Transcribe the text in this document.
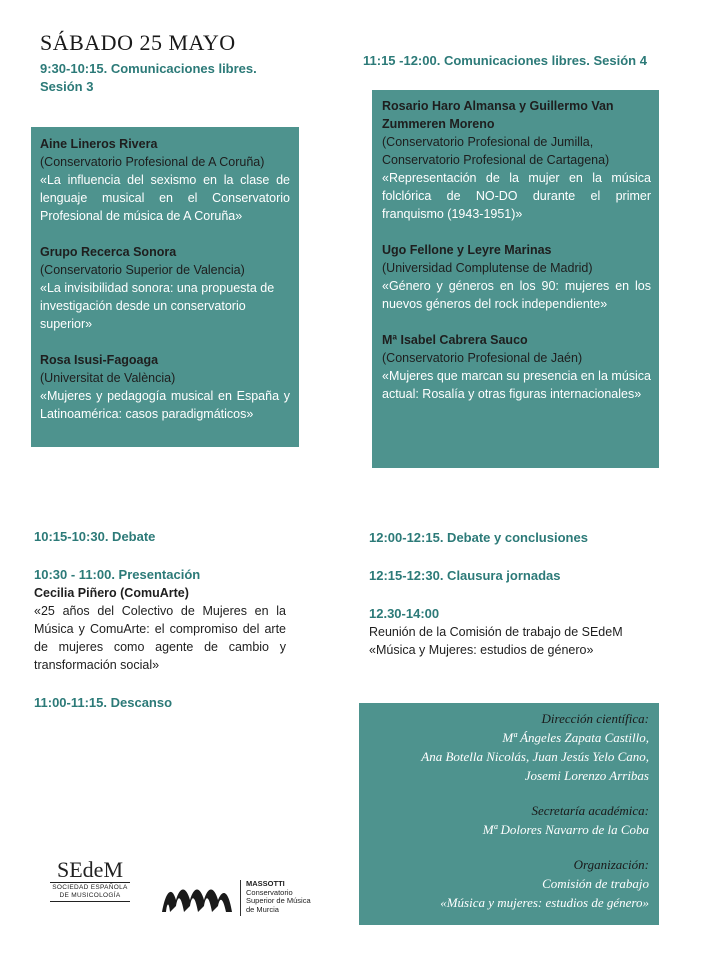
SÁBADO 25 MAYO
9:30-10:15. Comunicaciones libres.
Sesión 3
Aine Lineros Rivera
(Conservatorio Profesional de A Coruña)
«La influencia del sexismo en la clase de lenguaje musical en el Conservatorio Profesional de música de A Coruña»
Grupo Recerca Sonora
(Conservatorio Superior de Valencia)
«La invisibilidad sonora: una propuesta de investigación desde un conservatorio superior»
Rosa Isusi-Fagoaga
(Universitat de València)
«Mujeres y pedagogía musical en España y Latinoamérica: casos paradigmáticos»
11:15 -12:00. Comunicaciones libres. Sesión 4
Rosario Haro Almansa y Guillermo Van Zummeren Moreno
(Conservatorio Profesional de Jumilla, Conservatorio Profesional de Cartagena)
«Representación de la mujer en la música folclórica de NO-DO durante el primer franquismo (1943-1951)»
Ugo Fellone y Leyre Marinas
(Universidad Complutense de Madrid)
«Género y géneros en los 90: mujeres en los nuevos géneros del rock independiente»
Mª Isabel Cabrera Sauco
(Conservatorio Profesional de Jaén)
«Mujeres que marcan su presencia en la música actual: Rosalía y otras figuras internacionales»
10:15-10:30. Debate
10:30 - 11:00. Presentación
Cecilia Piñero (ComuArte)
«25 años del Colectivo de Mujeres en la Música y ComuArte: el compromiso del arte de mujeres como agente de cambio y transformación social»
11:00-11:15. Descanso
12:00-12:15. Debate y conclusiones
12:15-12:30. Clausura jornadas
12.30-14:00
Reunión de la Comisión de trabajo de SEdeM «Música y Mujeres: estudios de género»
Dirección científica:
Mª Ángeles Zapata Castillo,
Ana Botella Nicolás, Juan Jesús Yelo Cano,
Josemi Lorenzo Arribas
Secretaría académica:
Mª Dolores Navarro de la Coba
Organización:
Comisión de trabajo
«Música y mujeres: estudios de género»
SEdeM
SOCIEDAD ESPAÑOLA
DE MUSICOLOGÍA
MASSOTTI
Conservatorio
Superior de Música
de Murcia
